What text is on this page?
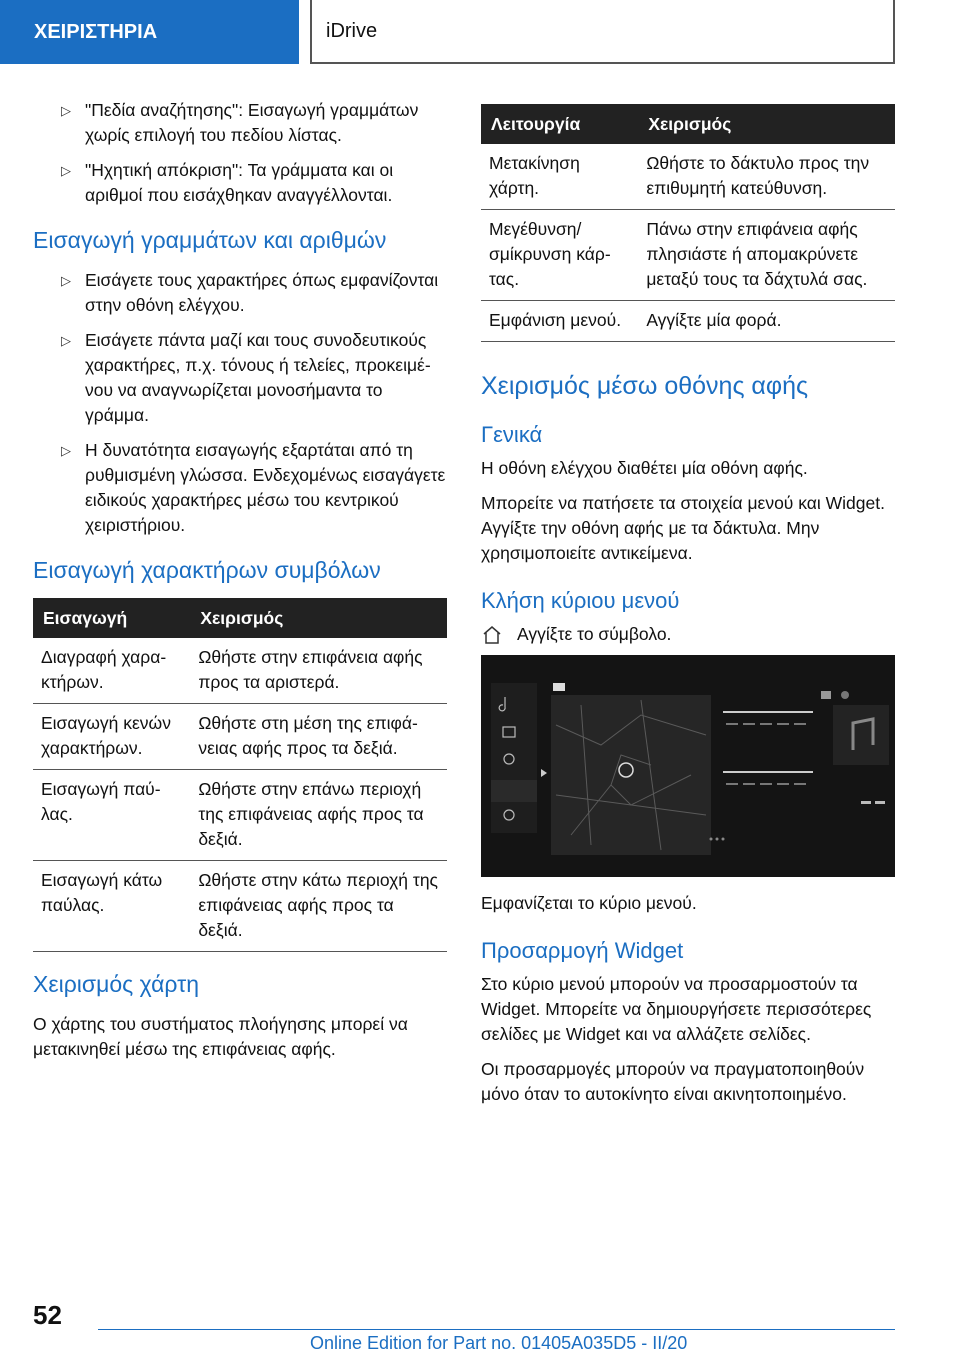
ΧΕΙΡΙΣΤΗΡΙΑ	iDrive
▷ "Πεδία αναζήτησης": Εισαγωγή γραμμάτων χωρίς επιλογή του πεδίου λίστας.
▷ "Ηχητική απόκριση": Τα γράμματα και οι αριθμοί που εισάχθηκαν αναγγέλλονται.
Εισαγωγή γραμμάτων και αριθμών
▷ Εισάγετε τους χαρακτήρες όπως εμφανίζονται στην οθόνη ελέγχου.
▷ Εισάγετε πάντα μαζί και τους συνοδευτικούς χαρακτήρες, π.χ. τόνους ή τελείες, προκειμένου να αναγνωρίζεται μονοσήμαντα το γράμμα.
▷ Η δυνατότητα εισαγωγής εξαρτάται από τη ρυθμισμένη γλώσσα. Ενδεχομένως εισαγάγετε ειδικούς χαρακτήρες μέσω του κεντρικού χειριστήριου.
Εισαγωγή χαρακτήρων συμβόλων
Εισαγωγή	Χειρισμός
Διαγραφή χαρακτήρων.	Ωθήστε στην επιφάνεια αφής προς τα αριστερά.
Εισαγωγή κενών χαρακτήρων.	Ωθήστε στη μέση της επιφάνειας αφής προς τα δεξιά.
Εισαγωγή παύλας.	Ωθήστε στην επάνω περιοχή της επιφάνειας αφής προς τα δεξιά.
Εισαγωγή κάτω παύλας.	Ωθήστε στην κάτω περιοχή της επιφάνειας αφής προς τα δεξιά.
Χειρισμός χάρτη

Ο χάρτης του συστήματος πλοήγησης μπορεί να μετακινηθεί μέσω της επιφάνειας αφής.

Λειτουργία	Χειρισμός
Μετακίνηση χάρτη.	Ωθήστε το δάκτυλο προς την επιθυμητή κατεύθυνση.
Μεγέθυνση/ σμίκρυνση κάρτας.	Πάνω στην επιφάνεια αφής πλησιάστε ή απομακρύνετε μεταξύ τους τα δάχτυλά σας.
Εμφάνιση μενού.	Αγγίξτε μία φορά.
Χειρισμός μέσω οθόνης αφής
Γενικά

Η οθόνη ελέγχου διαθέτει μία οθόνη αφής.

Μπορείτε να πατήσετε τα στοιχεία μενού και Widget. Αγγίξτε την οθόνη αφής με τα δάκτυλα. Μην χρησιμοποιείτε αντικείμενα.

Κλήση κύριου μενού
Αγγίξτε το σύμβολο.

Εμφανίζεται το κύριο μενού.

Προσαρμογή Widget

Στο κύριο μενού μπορούν να προσαρμοστούν τα Widget. Μπορείτε να δημιουργήσετε περισσότερες σελίδες με Widget και να αλλάζετε σελίδες.

Οι προσαρμογές μπορούν να πραγματοποιηθούν μόνο όταν το αυτοκίνητο είναι ακινητοποιημένο.

52
Online Edition for Part no. 01405A035D5 - II/20
